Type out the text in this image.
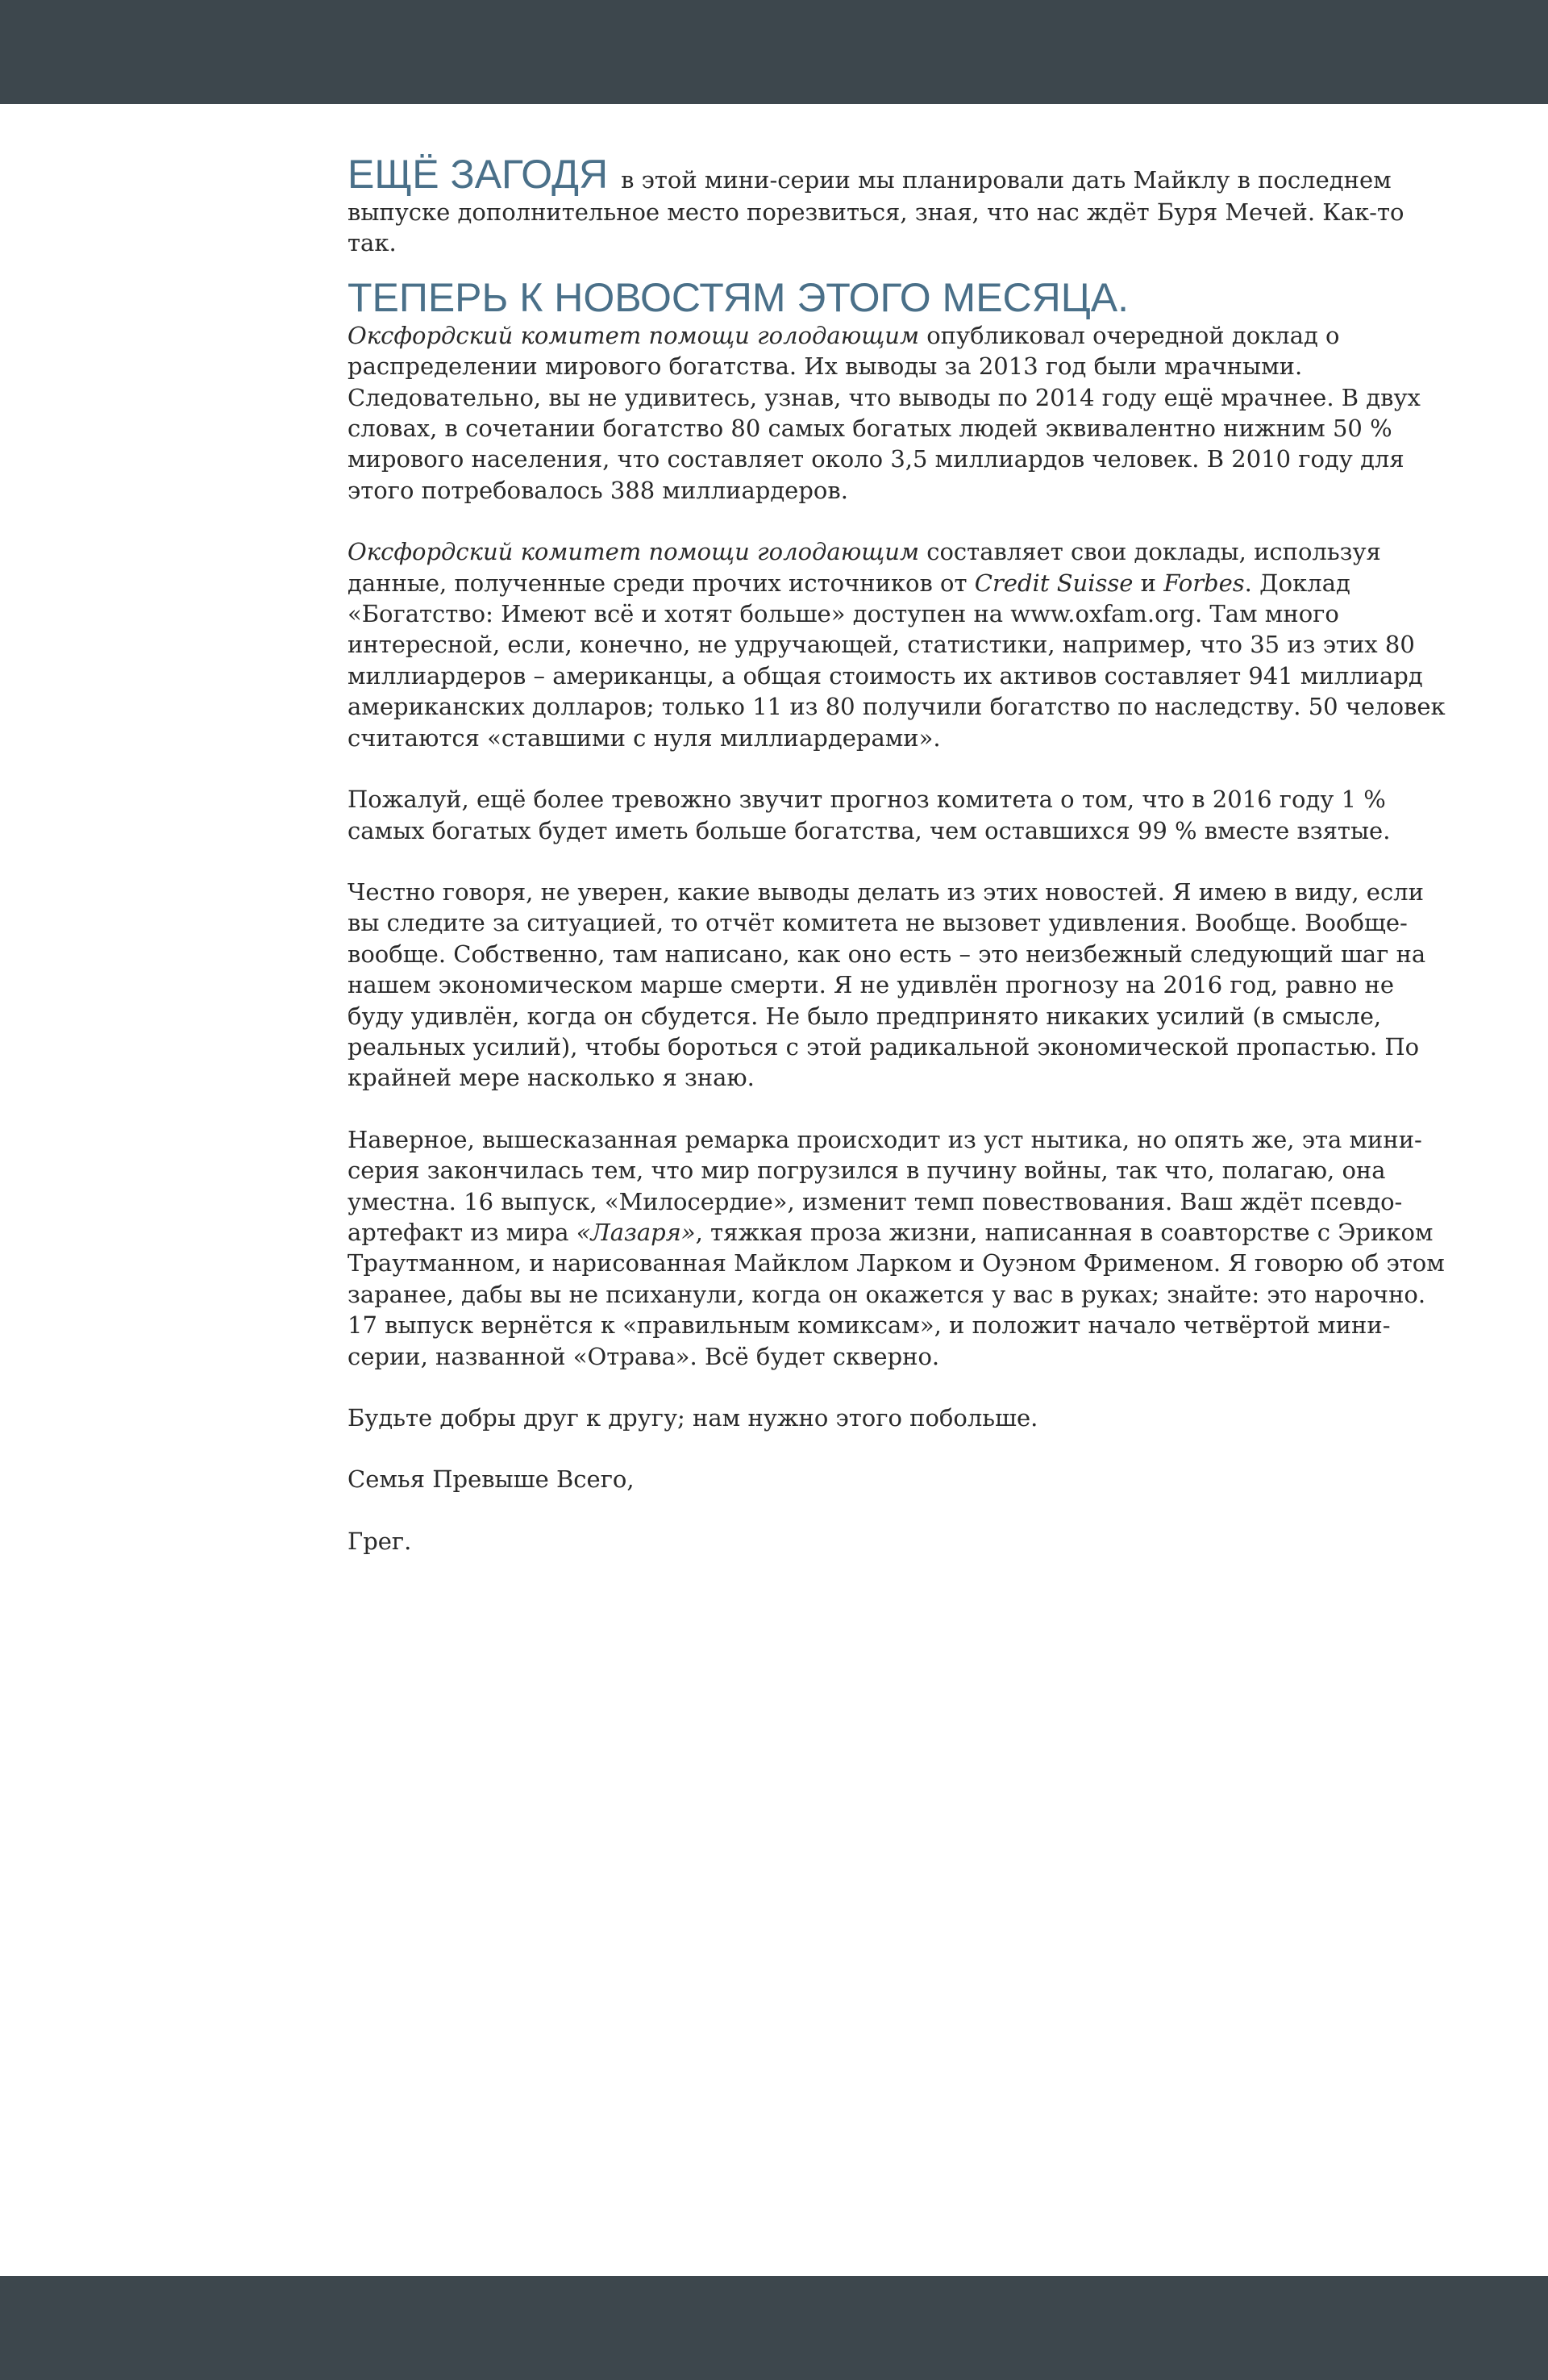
ЕЩЁ ЗАГОДЯ в этой мини-серии мы планировали дать Майклу в последнем выпуске дополнительное место порезвиться, зная, что нас ждёт Буря Мечей. Как-то так.

ТЕПЕРЬ К НОВОСТЯМ ЭТОГО МЕСЯЦА.

Оксфордский комитет помощи голодающим опубликовал очередной доклад о распределении мирового богатства. Их выводы за 2013 год были мрачными. Следовательно, вы не удивитесь, узнав, что выводы по 2014 году ещё мрачнее. В двух словах, в сочетании богатство 80 самых богатых людей эквивалентно нижним 50 % мирового населения, что составляет около 3,5 миллиардов человек. В 2010 году для этого потребовалось 388 миллиардеров.

Оксфордский комитет помощи голодающим составляет свои доклады, используя данные, полученные среди прочих источников от Credit Suisse и Forbes. Доклад «Богатство: Имеют всё и хотят больше» доступен на www.oxfam.org. Там много интересной, если, конечно, не удручающей, статистики, например, что 35 из этих 80 миллиардеров – американцы, а общая стоимость их активов составляет 941 миллиард американских долларов; только 11 из 80 получили богатство по наследству. 50 человек считаются «ставшими с нуля миллиардерами».

Пожалуй, ещё более тревожно звучит прогноз комитета о том, что в 2016 году 1 % самых богатых будет иметь больше богатства, чем оставшихся 99 % вместе взятые.

Честно говоря, не уверен, какие выводы делать из этих новостей. Я имею в виду, если вы следите за ситуацией, то отчёт комитета не вызовет удивления. Вообще. Вообще-вообще. Собственно, там написано, как оно есть – это неизбежный следующий шаг на нашем экономическом марше смерти. Я не удивлён прогнозу на 2016 год, равно не буду удивлён, когда он сбудется. Не было предпринято никаких усилий (в смысле, реальных усилий), чтобы бороться с этой радикальной экономической пропастью. По крайней мере насколько я знаю.

Наверное, вышесказанная ремарка происходит из уст нытика, но опять же, эта мини-серия закончилась тем, что мир погрузился в пучину войны, так что, полагаю, она уместна. 16 выпуск, «Милосердие», изменит темп повествования. Ваш ждёт псевдо-артефакт из мира «Лазаря», тяжкая проза жизни, написанная в соавторстве с Эриком Траутманном, и нарисованная Майклом Ларком и Оуэном Фрименом. Я говорю об этом заранее, дабы вы не психанули, когда он окажется у вас в руках; знайте: это нарочно. 17 выпуск вернётся к «правильным комиксам», и положит начало четвёртой мини-серии, названной «Отрава». Всё будет скверно.

Будьте добры друг к другу; нам нужно этого побольше.

Семья Превыше Всего,

Грег.
